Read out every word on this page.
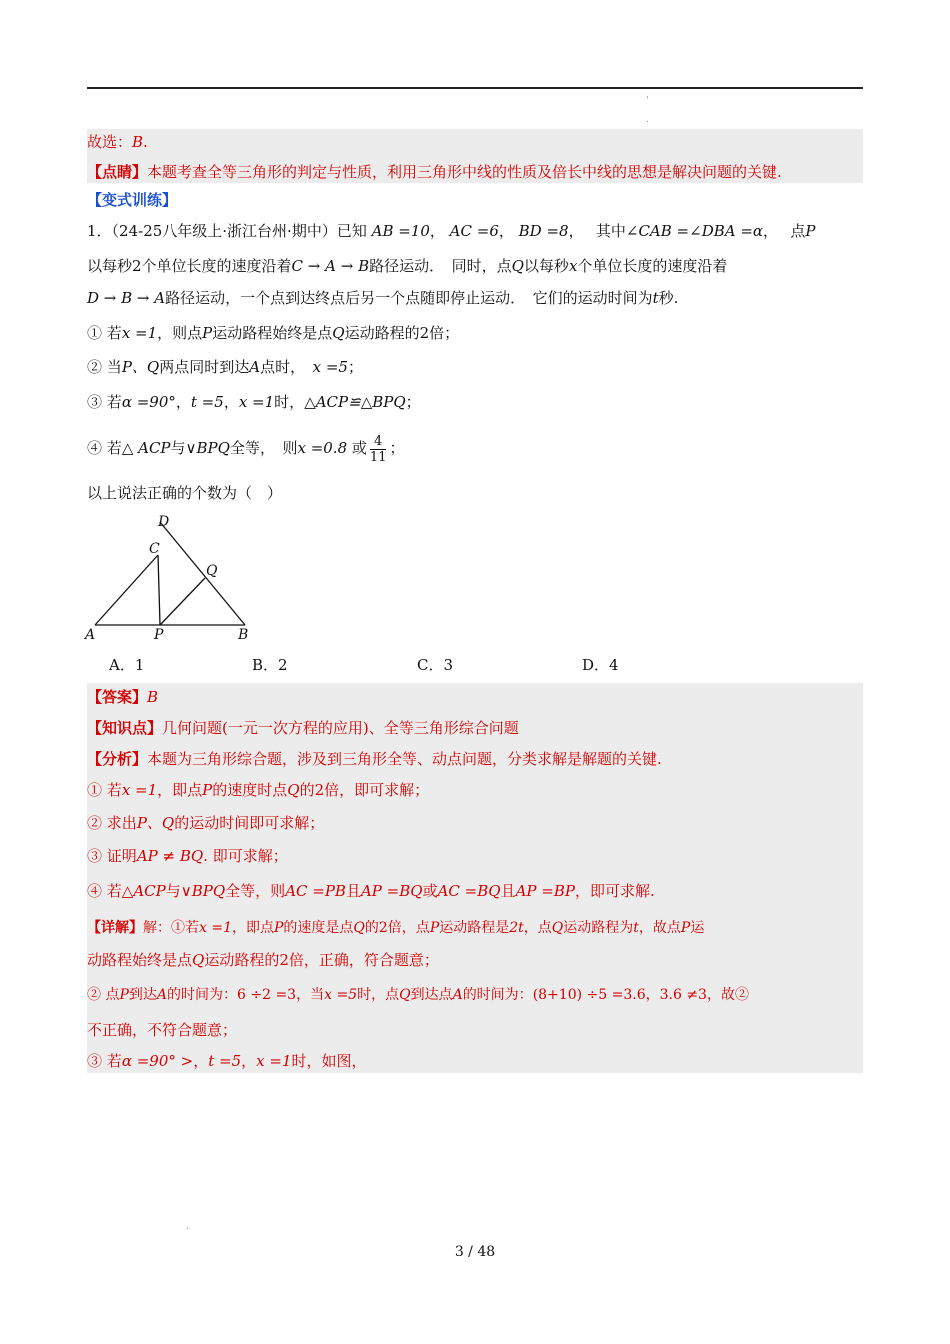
'
.
故选：B.
【点睛】本题考查全等三角形的判定与性质，利用三角形中线的性质及倍长中线的思想是解决问题的关键.
【变式训练】
1．（24-25八年级上·浙江台州·期中）已知 AB =10， AC =6， BD =8，　 其中∠CAB =∠DBA =α，　 点P
以每秒2个单位长度的速度沿着C → A → B路径运动．　同时，点Q以每秒x个单位长度的速度沿着
D → B → A路径运动，一个点到达终点后另一个点随即停止运动．　它们的运动时间为t秒.
① 若x =1，则点P运动路程始终是点Q运动路程的2倍；
② 当P、Q两点同时到达A点时，　 x =5；
③ 若α =90°，t =5，x =1时，△ACP≌△BPQ；
④ 若△ ACP与∨BPQ全等，　则x =0.8 或 $\frac{4}{11}$ ；
以上说法正确的个数为（　）
A	B
P
C
D
Q
A．1	B．2	C．3	D．4
【答案】B
【知识点】几何问题(一元一次方程的应用)、全等三角形综合问题
【分析】本题为三角形综合题，涉及到三角形全等、动点问题，分类求解是解题的关键.
① 若x =1，即点P的速度时点Q的2倍，即可求解；
② 求出P、Q的运动时间即可求解；
③ 证明AP ≠ BQ. 即可求解；
④ 若△ACP与∨BPQ全等，则AC =PB且AP =BQ或AC =BQ且AP =BP，即可求解.
【详解】解：①若x =1，即点P的速度是点Q的2倍，点P运动路程是2t，点Q运动路程为t，故点P运
动路程始终是点Q运动路程的2倍，正确，符合题意；
② 点P到达A的时间为：6 ÷2 =3，当x =5时，点Q到达点A的时间为：(8+10) ÷5 =3.6，3.6 ≠3，故②
不正确，不符合题意；
③ 若α =90° >，t =5，x =1时，如图，
.
3 / 48
